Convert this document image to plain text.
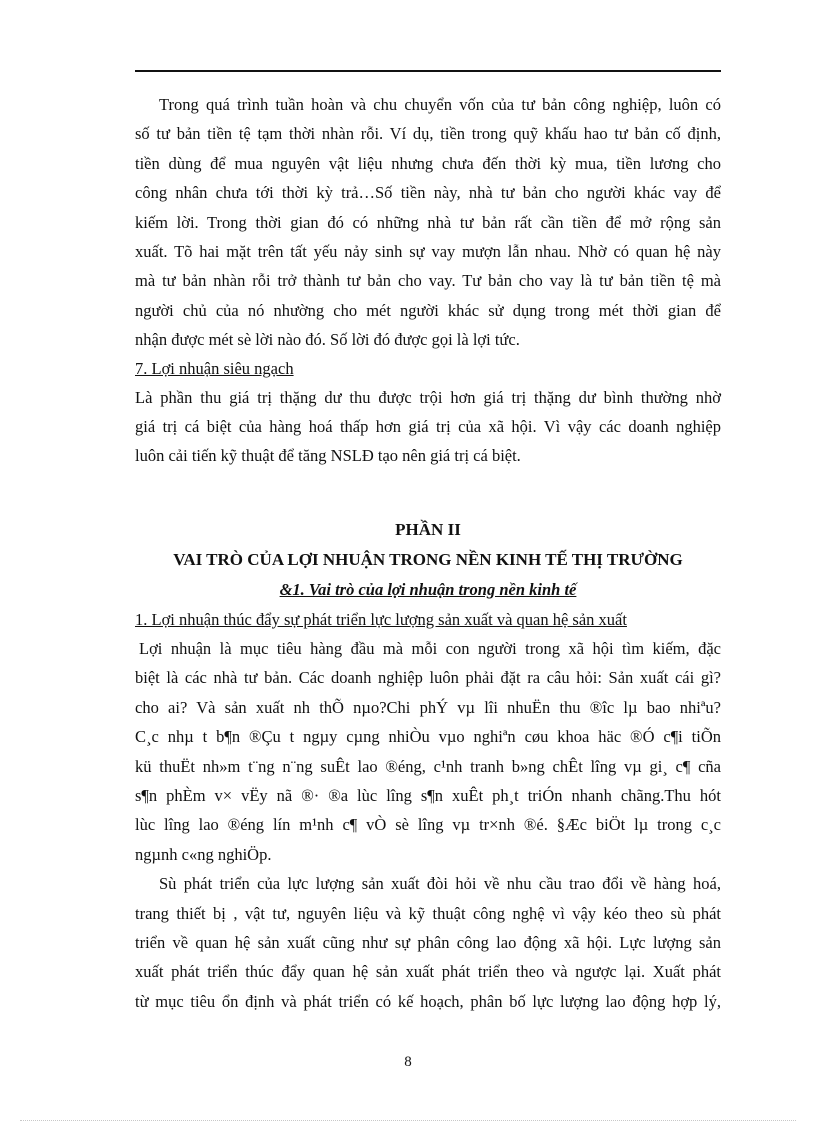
Trong quá trình tuần hoàn và chu chuyển vốn của tư bản công nghiệp, luôn có

số tư bản tiền tệ tạm thời nhàn rỗi. Ví dụ, tiền trong quỹ khấu hao tư bản cố định,

tiền dùng để mua nguyên vật liệu nhưng chưa đến thời kỳ mua, tiền lương cho

công nhân chưa tới thời kỳ trả…Số tiền này, nhà tư bản cho người khác vay để

kiếm lời. Trong thời gian đó có những nhà tư bản rất cần tiền để mở rộng sản

xuất. Tõ hai mặt trên tất yếu nảy sinh sự vay mượn lẫn nhau. Nhờ có quan hệ này

mà tư bản nhàn rỗi trở thành tư bản cho vay. Tư bản cho vay là tư bản tiền tệ mà

người chủ của nó nhường cho mét người khác sử dụng trong mét thời gian để

nhận được mét sè lời nào đó. Số lời đó được gọi là lợi tức.

7. Lợi nhuận siêu ngạch

Là phần thu giá trị thặng dư thu được trội hơn giá trị thặng dư bình thường nhờ

giá trị cá biệt của hàng hoá thấp hơn giá trị của xã hội. Vì vậy các doanh nghiệp

luôn cải tiến kỹ thuật để tăng NSLĐ tạo nên giá trị cá biệt.

PHẦN II

VAI TRÒ CỦA LỢI NHUẬN TRONG NỀN KINH TẾ THỊ TRƯỜNG

&1. Vai trò của lợi nhuận trong nền kinh tế

1. Lợi nhuận thúc đẩy sự phát triển lực lượng sản xuất và quan hệ sản xuất

Lợi nhuận là mục tiêu hàng đầu mà mỗi con người trong xã hội tìm kiếm, đặc

biệt là các nhà tư bản. Các doanh nghiệp luôn phải đặt ra câu hỏi: Sản xuất cái gì?

cho ai? Và sản xuất nh thÕ nµo?Chi phÝ vµ lîi nhuËn thu ®îc lµ bao nhiªu?

C¸c nhµ t b¶n ®Çu t ngµy cµng nhiÒu vµo nghiªn cøu khoa häc ®Ó c¶i tiÕn

kü thuËt nh»m t¨ng n¨ng suÊt lao ®éng, c¹nh tranh b»ng chÊt lîng vµ gi¸ c¶ cña

s¶n phÈm v× vËy nã ®· ®a lùc lîng s¶n xuÊt ph¸t triÓn nhanh chãng.Thu hót

lùc lîng lao ®éng lín m¹nh c¶ vÒ sè lîng vµ tr×nh ®é. §Æc biÖt lµ trong c¸c

ngµnh c«ng nghiÖp.

Sù phát triển của lực lượng sản xuất đòi hỏi về nhu cầu trao đổi về hàng hoá,

trang thiết bị , vật tư, nguyên liệu và kỹ thuật công nghệ vì vậy kéo theo sù phát

triển về quan hệ sản xuất cũng như sự phân công lao động xã hội. Lực lượng sản

xuất phát triển thúc đẩy quan hệ sản xuất phát triển theo và ngược lại. Xuất phát

từ mục tiêu ổn định và phát triển có kế hoạch, phân bố lực lượng lao động hợp lý,

8
